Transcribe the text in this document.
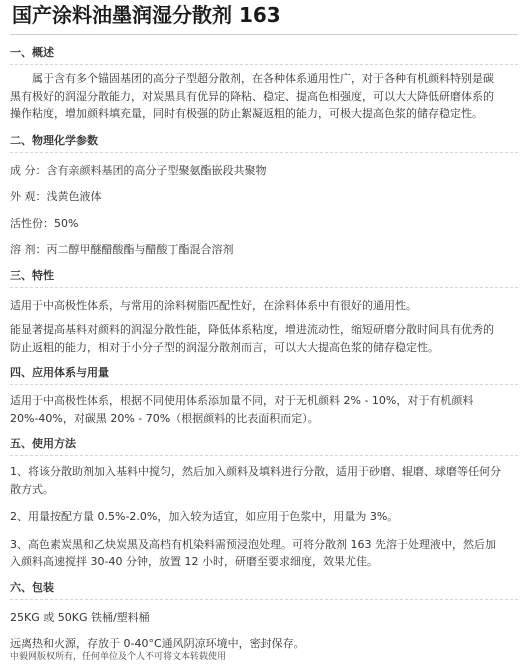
国产涂料油墨润湿分散剂 163
一、概述

属于含有多个锚固基团的高分子型超分散剂，在各种体系通用性广，对于各种有机颜料特别是碳
黑有极好的润湿分散能力，对炭黑具有优异的降粘、稳定、提高色相强度，可以大大降低研磨体系的
操作粘度，增加颜料填充量，同时有极强的防止絮凝返粗的能力，可极大提高色浆的储存稳定性。

二、物理化学参数

成 分：含有亲颜料基团的高分子型聚氨酯嵌段共聚物

外 观：浅黄色液体

活性份：50%

溶 剂：丙二醇甲醚醋酸酯与醋酸丁酯混合溶剂

三、特性

适用于中高极性体系，与常用的涂料树脂匹配性好，在涂料体系中有很好的通用性。

能显著提高基料对颜料的润湿分散性能，降低体系粘度，增进流动性，缩短研磨分散时间具有优秀的
防止返粗的能力，相对于小分子型的润湿分散剂而言，可以大大提高色浆的储存稳定性。

四、应用体系与用量

适用于中高极性体系，根据不同使用体系添加量不同，对于无机颜料 2% - 10%，对于有机颜料
20%-40%，对碳黑 20% - 70%（根据颜料的比表面积而定）。

五、使用方法

1、将该分散助剂加入基料中搅匀，然后加入颜料及填料进行分散，适用于砂磨、辊磨、球磨等任何分
散方式。

2、用量按配方量 0.5%-2.0%，加入较为适宜，如应用于色浆中，用量为 3%。

3、高色素炭黑和乙炔炭黑及高档有机染料需预浸泡处理。可将分散剂 163 先溶于处理液中，然后加
入颜料高速搅拌 30-40 分钟，放置 12 小时，研磨至要求细度，效果尤佳。

六、包装

25KG 或 50KG 铁桶/塑料桶

远离热和火源，存放于 0-40°C通风阴凉环境中，密封保存。

中毅网版权所有，任何单位及个人不可将文本转载使用
